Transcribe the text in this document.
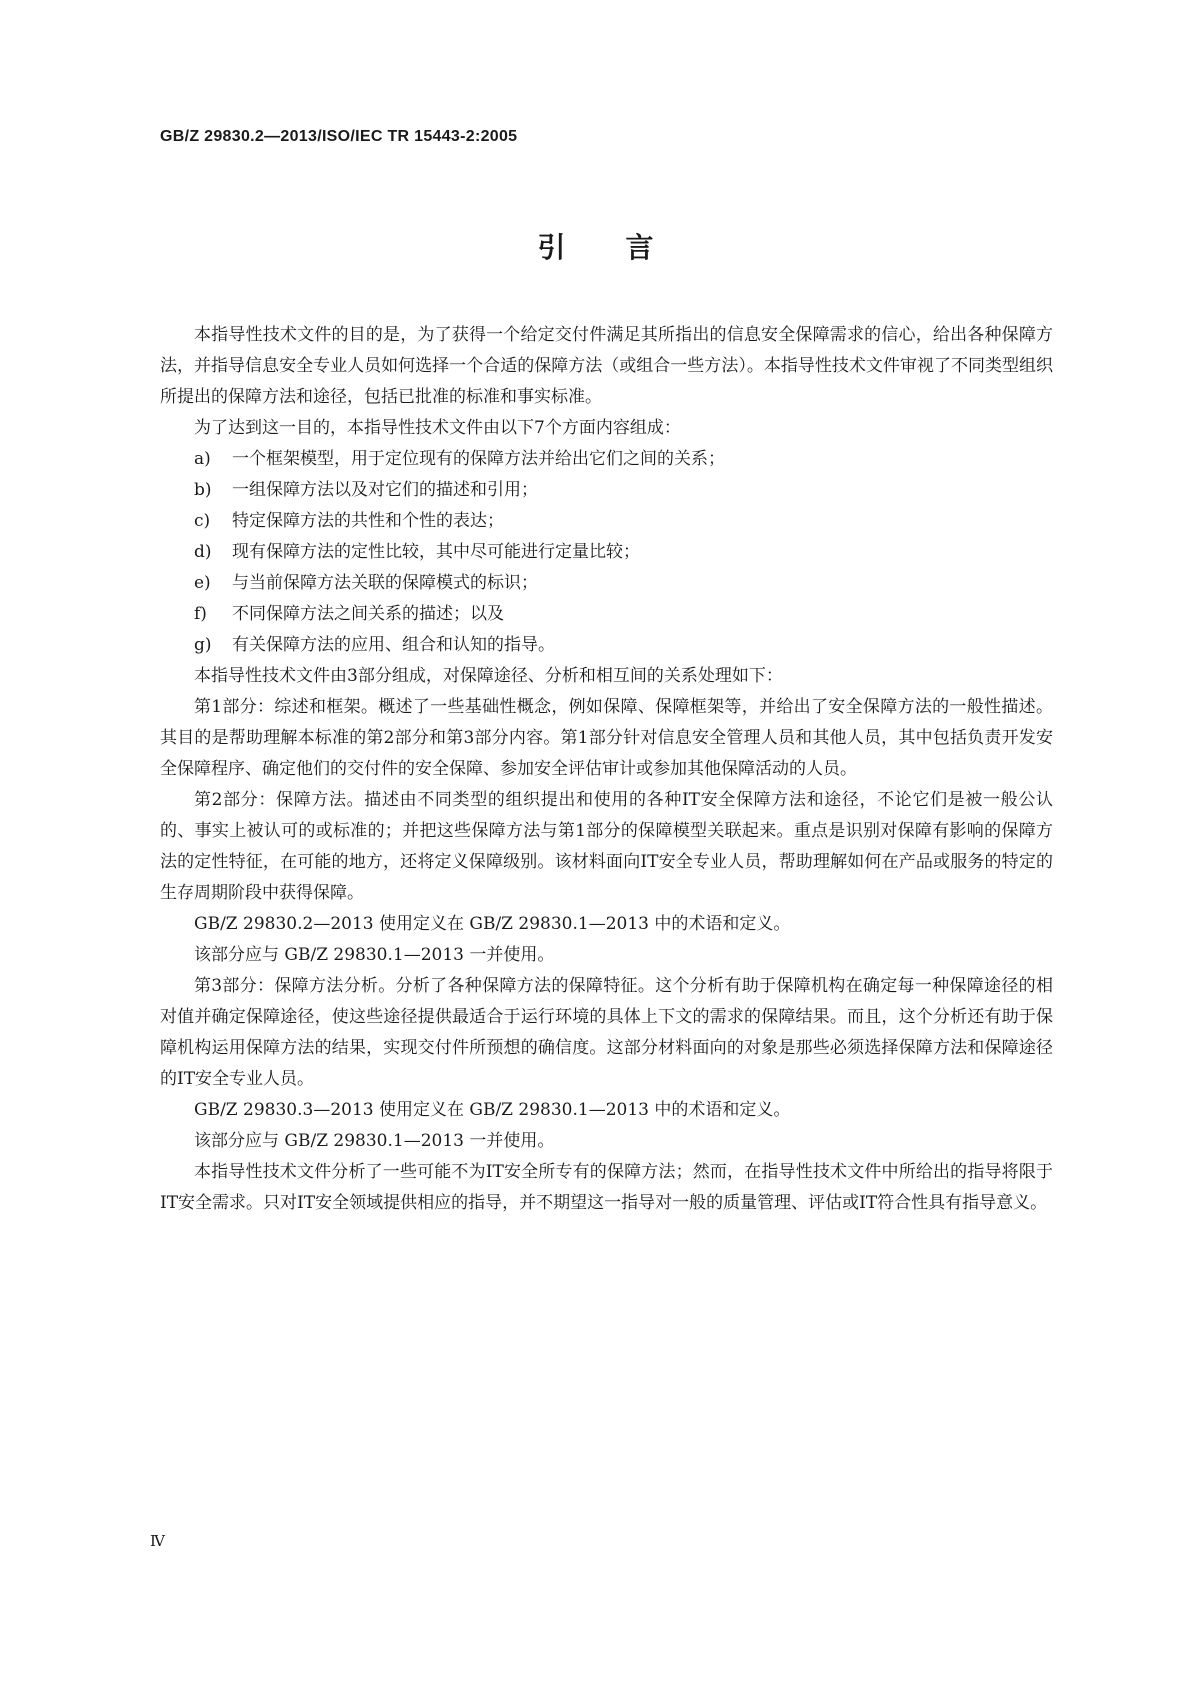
GB/Z 29830.2—2013/ISO/IEC TR 15443-2:2005
引言

本指导性技术文件的目的是，为了获得一个给定交付件满足其所指出的信息安全保障需求的信心，给出各种保障方法，并指导信息安全专业人员如何选择一个合适的保障方法（或组合一些方法）。本指导性技术文件审视了不同类型组织所提出的保障方法和途径，包括已批准的标准和事实标准。

为了达到这一目的，本指导性技术文件由以下7个方面内容组成：

a) 一个框架模型，用于定位现有的保障方法并给出它们之间的关系；

b) 一组保障方法以及对它们的描述和引用；

c) 特定保障方法的共性和个性的表达；

d) 现有保障方法的定性比较，其中尽可能进行定量比较；

e) 与当前保障方法关联的保障模式的标识；

f) 不同保障方法之间关系的描述；以及

g) 有关保障方法的应用、组合和认知的指导。

本指导性技术文件由3部分组成，对保障途径、分析和相互间的关系处理如下：

第1部分：综述和框架。概述了一些基础性概念，例如保障、保障框架等，并给出了安全保障方法的一般性描述。其目的是帮助理解本标准的第2部分和第3部分内容。第1部分针对信息安全管理人员和其他人员，其中包括负责开发安全保障程序、确定他们的交付件的安全保障、参加安全评估审计或参加其他保障活动的人员。

第2部分：保障方法。描述由不同类型的组织提出和使用的各种IT安全保障方法和途径，不论它们是被一般公认的、事实上被认可的或标准的；并把这些保障方法与第1部分的保障模型关联起来。重点是识别对保障有影响的保障方法的定性特征，在可能的地方，还将定义保障级别。该材料面向IT安全专业人员，帮助理解如何在产品或服务的特定的生存周期阶段中获得保障。

GB/Z 29830.2—2013 使用定义在 GB/Z 29830.1—2013 中的术语和定义。

该部分应与 GB/Z 29830.1—2013 一并使用。

第3部分：保障方法分析。分析了各种保障方法的保障特征。这个分析有助于保障机构在确定每一种保障途径的相对值并确定保障途径，使这些途径提供最适合于运行环境的具体上下文的需求的保障结果。而且，这个分析还有助于保障机构运用保障方法的结果，实现交付件所预想的确信度。这部分材料面向的对象是那些必须选择保障方法和保障途径的IT安全专业人员。

GB/Z 29830.3—2013 使用定义在 GB/Z 29830.1—2013 中的术语和定义。

该部分应与 GB/Z 29830.1—2013 一并使用。

本指导性技术文件分析了一些可能不为IT安全所专有的保障方法；然而，在指导性技术文件中所给出的指导将限于IT安全需求。只对IT安全领域提供相应的指导，并不期望这一指导对一般的质量管理、评估或IT符合性具有指导意义。

Ⅳ
